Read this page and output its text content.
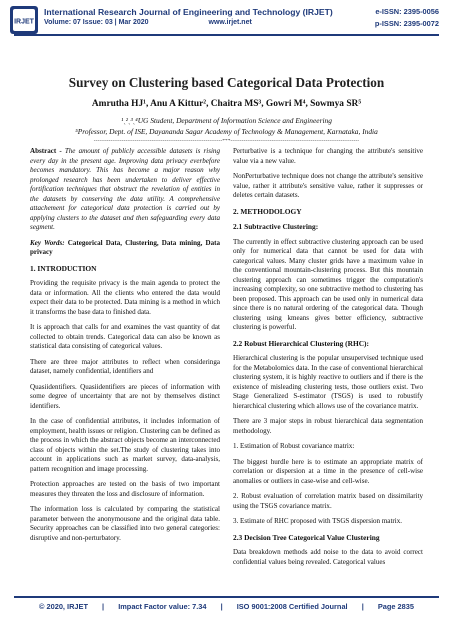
IRJET
International Research Journal of Engineering and Technology (IRJET)
Volume: 07 Issue: 03 | Mar 2020	www.irjet.net
e-ISSN: 2395-0056
p-ISSN: 2395-0072
Survey on Clustering based Categorical Data Protection
Amrutha HJ¹, Anu A Kittur², Chaitra MS³, Gowri M⁴, Sowmya SR⁵
¹ˎ²ˎ³ˎ⁴UG Student, Department of Information Science and Engineering
⁵Professor, Dept. of ISE, Dayananda Sagar Academy of Technology & Management, Karnataka, India
---------------------------------------------------------------------***---------------------------------------------------------------------

Abstract - The amount of publicly accessible datasets is rising every day in the present age. Improving data privacy ever​before becomes mandatory. This has become a major reason why prolonged research has been undertaken to deliver effective fortification techniques that obstruct the revelation of entities in the datasets by conserving the data utility. A comprehensive attachement for categorical data protection is carried out by applying clusters to the dataset and then safeguarding every data segment.

Key Words: Categorical Data, Clustering, Data mining, Data privacy

1. INTRODUCTION

Providing the requisite privacy is the main agenda to protect the data or information. All the clients who entered the data would expect their data to be protected. Data mining is a method in which it transforms the base data to finished data.

It is approach that calls for and examines the vast quantity of dat collected to obtain trends. Categorical data can also be known as statistical data consisting of categorical values.

There are three major attributes to reflect when consideringa dataset, namely confidential, identifiers and

Quasiidentifiers. Quasiidentifiers are pieces of information with some degree of uncertainty that are not by themselves distinct identifiers.

In the case of confidential attributes, it includes information of employment, health issues or religion. Clustering can be defined as the process in which the abstract objects become an interconnected class of objects within the set.The study of clustering takes into account in applications such as market survey, data-analysis, pattern recognition and image processing.

Protection approaches are tested on the basis of two important measures they threaten the loss and disclosure of information.

The information loss is calculated by comparing the statistical parameter between the anonymousone and the original data table. Security approaches can be classified into two general categories: disruptive and non-perturbatory.

Perturbative is a technique for changing the attribute's sensitive value via a new value.

NonPerturbative technique does not change the attribute's sensitive value, rather it attribute's sensitive value, rather it suppresses or deletes certain datasets.

2. METHODOLOGY

2.1 Subtractive Clustering:

The currently in effect subtractive clustering approach can be used only for numerical data that cannot be used for data with categorical values. Many cluster grids have a maximum value in the conventional mountain-clustering process. But this mountain clustering approach can sometimes trigger the computation's increasing complexity, so one subtractive method to clustering has been proposed. This approach can be used only in numerical data since there is no natural ordering of the categorical data. Though clustering using kmeans gives better efficiency, subtractive clustering is powerful.

2.2 Robust Hierarchical Clustering (RHC):

Hierarchical clustering is the popular unsupervised technique used for the Metabolomics data. In the case of conventional hierarchical clustering system, it is highly reactive to outliers and if there is the existence of misleading clustering tests, those outliers exist. Two Stage Generalized S-estimator (TSGS) is used to robustify hierarchical clustering which allows use of the covariance matrix.

There are 3 major steps in robust hierarchical data segmentation methodology.

1. Estimation of Robust covariance matrix:

The biggest hurdle here is to estimate an appropriate matrix of correlation or dispersion at a time in the presence of cell-wise anomalies or outliers in case-wise and cell-wise.

2. Robust evaluation of correlation matrix based on dissimilarity using the TSGS covariance matrix.

3. Estimate of RHC proposed with TSGS dispersion matrix.

2.3 Decision Tree Categorical Value Clustering

Data breakdown methods add noise to the data to avoid correct confidential values being revealed. Categorical values

© 2020, IRJET | Impact Factor value: 7.34 | ISO 9001:2008 Certified Journal | Page 2835
